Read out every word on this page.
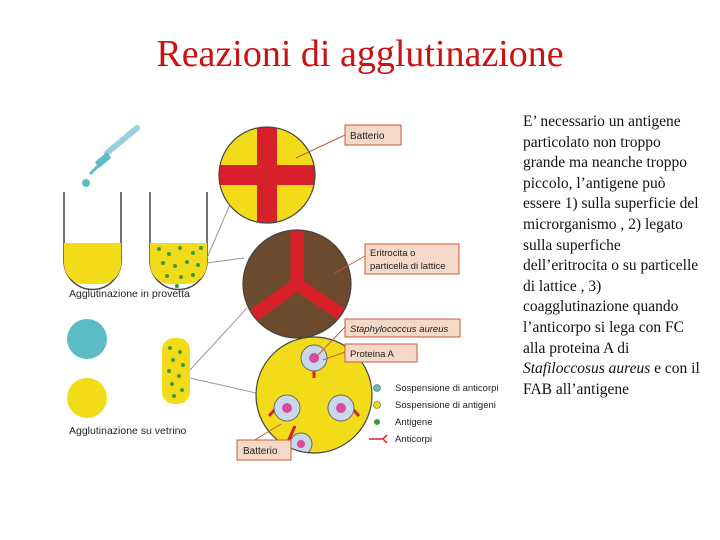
Reazioni di agglutinazione
Agglutinazione in provetta
Agglutinazione su vetrino
Batterio
Eritrocita o
particella di lattice
Staphylococcus aureus
Proteina A
Batterio
Sospensione di anticorpi
Sospensione di antigeni
Antigene
Anticorpi
E’ necessario un antigene particolato non troppo grande ma neanche troppo piccolo, l’antigene può essere 1) sulla superficie del microrganismo , 2) legato sulla superfiche dell’eritrocita o su particelle di lattice , 3) coagglutinazione quando l’anticorpo si lega con FC alla proteina A di Stafiloccosus aureus e con il FAB all’antigene
